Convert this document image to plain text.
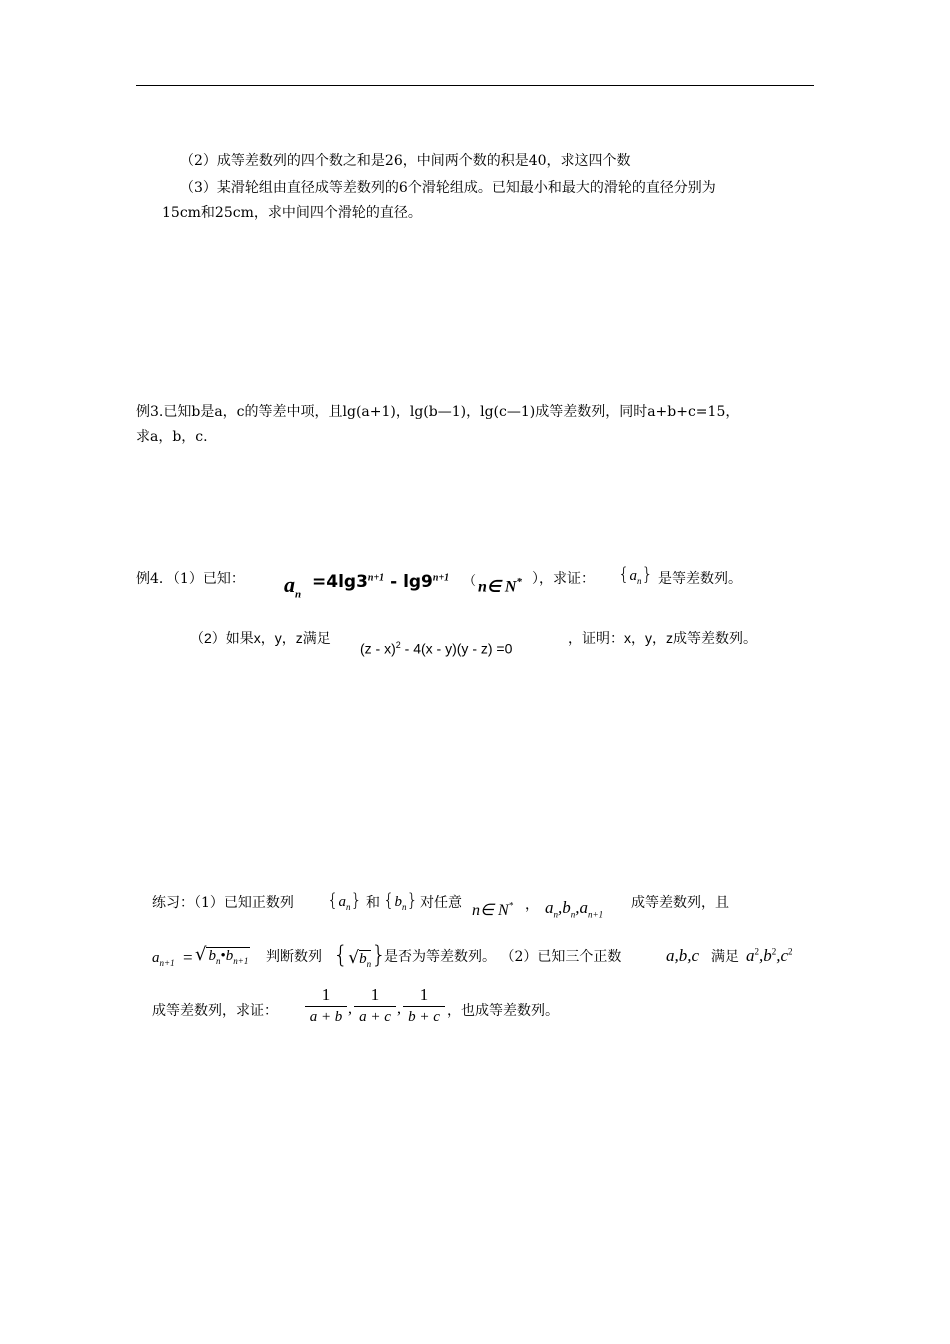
（2）成等差数列的四个数之和是26，中间两个数的积是40，求这四个数
（3）某滑轮组由直径成等差数列的6个滑轮组成。已知最小和最大的滑轮的直径分别为
15cm和25cm，求中间四个滑轮的直径。
例3.已知b是a，c的等差中项，且lg(a+1)，lg(b—1)，lg(c—1)成等差数列，同时a+b+c=15，
求a，b，c.
例4．（1）已知： $a_n$
$=4\lg 3^{n+1} - \lg 9^{n+1}$ （ n∈ N* ），求证： $\{a_n\}$ 是等差数列。
（2）如果x，y，z满足
(z - x)$^2$ - 4(x - y)(y - z) =0
，证明：x，y，z成等差数列。
练习：（1）已知正数列 $\{a_n\}$ 和 $\{b_n\}$ 对任意 n∈ N* ， $a_n,b_n,a_{n+1}$
成等差数列，且
$a_{n+1}$ = √ $b_n•b_{n+1}$ 判断数列 $\{√b_n\}$
是否为等差数列。 （2）已知三个正数	a,b,c 满足 $a^2,b^2,c^2$
成等差数列，求证：
1
a + b ,
1
a + c ,
1
b + c ，也成等差数列。
